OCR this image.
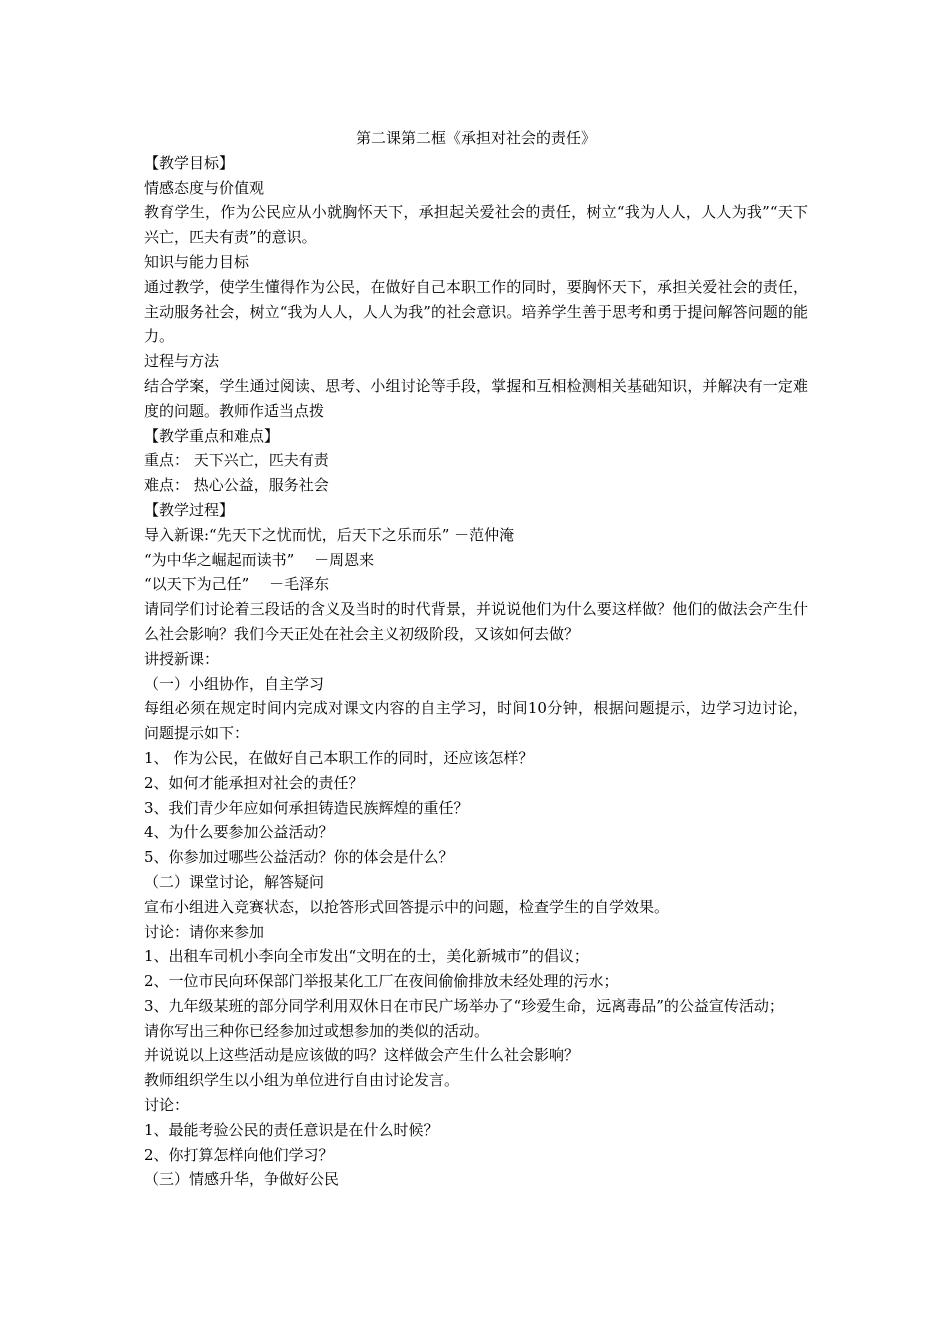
第二课第二框《承担对社会的责任》
【教学目标】
情感态度与价值观
教育学生，作为公民应从小就胸怀天下，承担起关爱社会的责任，树立“我为人人，人人为我”“天下兴亡，匹夫有责”的意识。
知识与能力目标
通过教学，使学生懂得作为公民，在做好自己本职工作的同时，要胸怀天下，承担关爱社会的责任，主动服务社会，树立“我为人人，人人为我”的社会意识。培养学生善于思考和勇于提问解答问题的能力。
过程与方法
结合学案，学生通过阅读、思考、小组讨论等手段，掌握和互相检测相关基础知识，并解决有一定难度的问题。教师作适当点拨
【教学重点和难点】
重点： 天下兴亡，匹夫有责
难点： 热心公益，服务社会
【教学过程】
导入新课:“先天下之忧而忧，后天下之乐而乐” －范仲淹
“为中华之崛起而读书”　 －周恩来
“以天下为己任”　 －毛泽东
请同学们讨论着三段话的含义及当时的时代背景，并说说他们为什么要这样做？他们的做法会产生什么社会影响？我们今天正处在社会主义初级阶段，又该如何去做？
讲授新课：
（一）小组协作，自主学习
每组必须在规定时间内完成对课文内容的自主学习，时间10分钟，根据问题提示，边学习边讨论，问题提示如下：
1、 作为公民，在做好自己本职工作的同时，还应该怎样？
2、如何才能承担对社会的责任？
3、我们青少年应如何承担铸造民族辉煌的重任？
4、为什么要参加公益活动？
5、你参加过哪些公益活动？你的体会是什么？
（二）课堂讨论，解答疑问
宣布小组进入竞赛状态，以抢答形式回答提示中的问题，检查学生的自学效果。
讨论：请你来参加
1、出租车司机小李向全市发出“文明在的士，美化新城市”的倡议；
2、一位市民向环保部门举报某化工厂在夜间偷偷排放未经处理的污水；
3、九年级某班的部分同学利用双休日在市民广场举办了“珍爱生命，远离毒品”的公益宣传活动；
请你写出三种你已经参加过或想参加的类似的活动。
并说说以上这些活动是应该做的吗？这样做会产生什么社会影响？
教师组织学生以小组为单位进行自由讨论发言。
讨论：
1、最能考验公民的责任意识是在什么时候？
2、你打算怎样向他们学习？
（三）情感升华，争做好公民
